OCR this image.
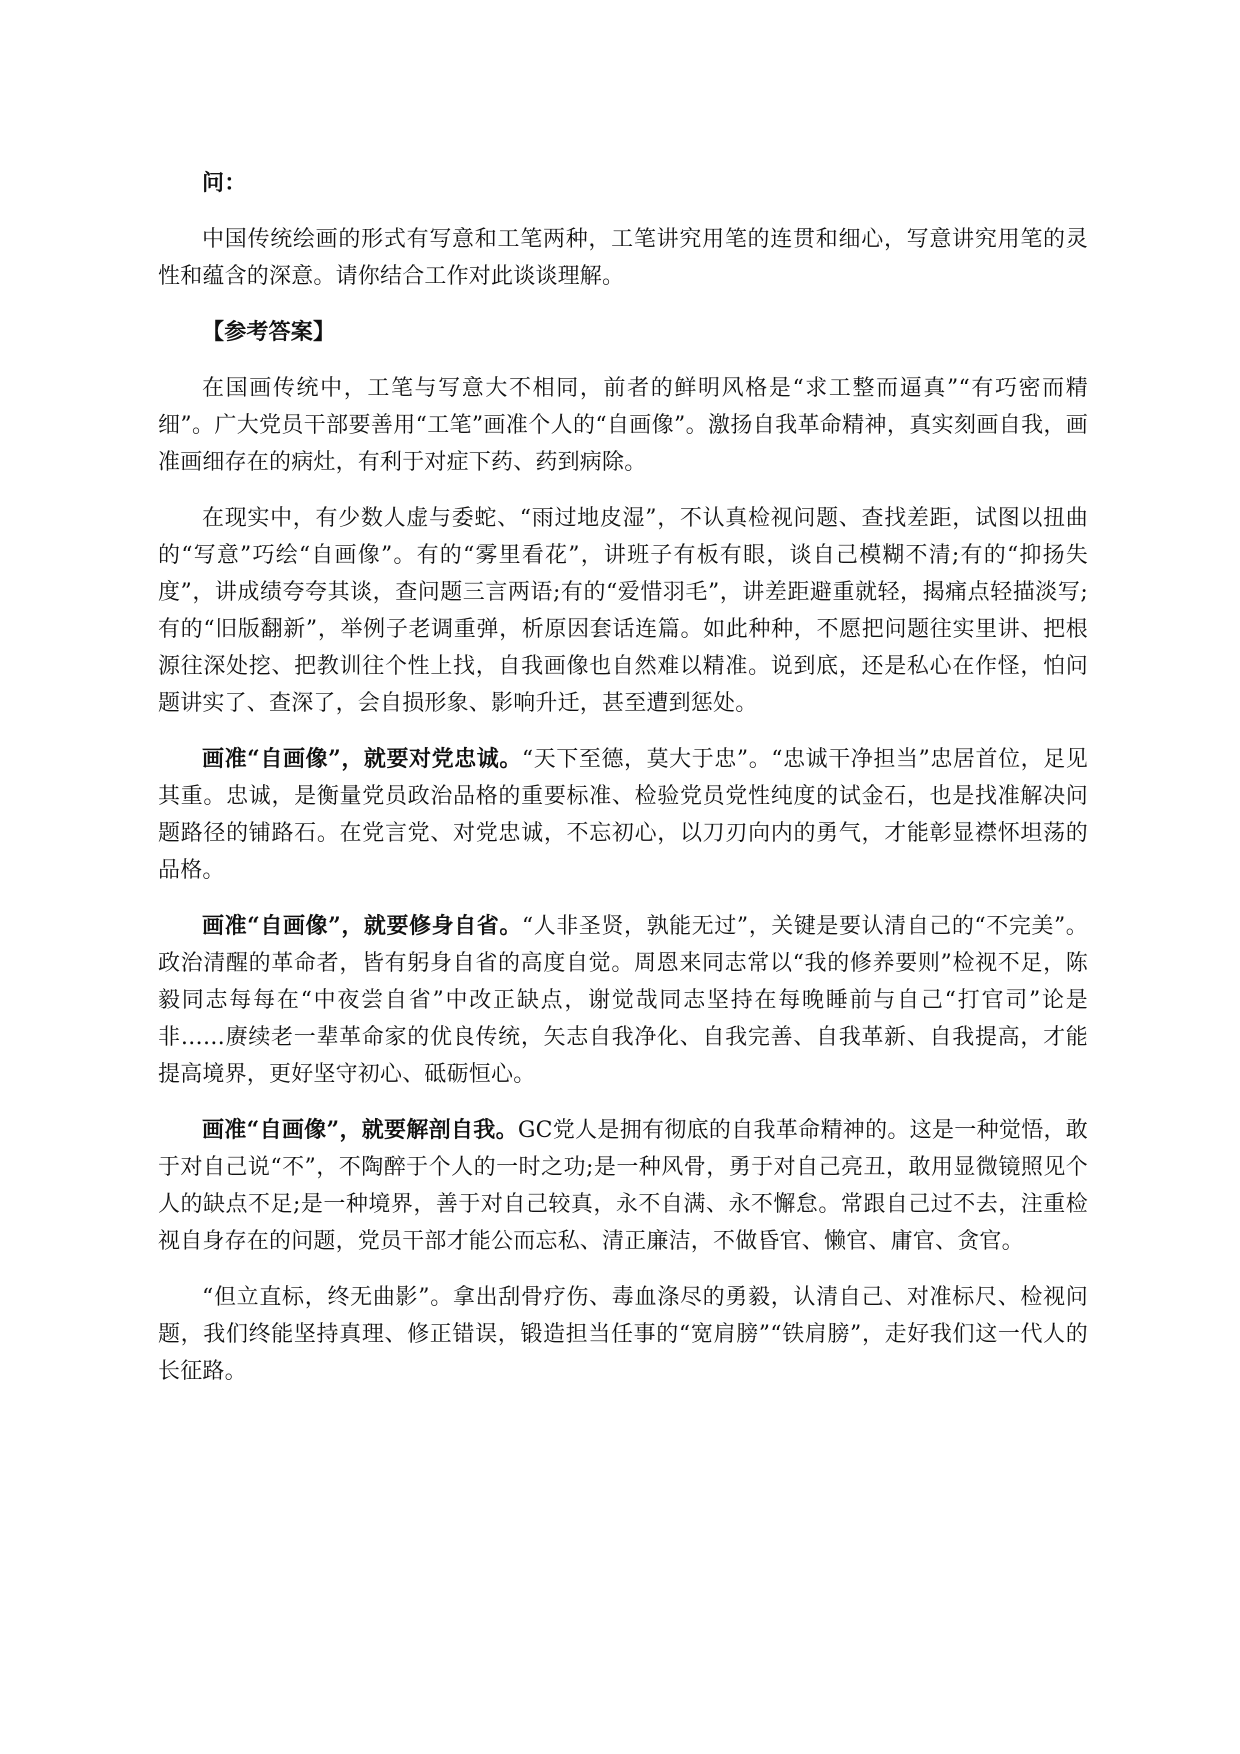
问：

中国传统绘画的形式有写意和工笔两种，工笔讲究用笔的连贯和细心，写意讲究用笔的灵性和蕴含的深意。请你结合工作对此谈谈理解。

【参考答案】

在国画传统中，工笔与写意大不相同，前者的鲜明风格是“求工整而逼真”“有巧密而精细”。广大党员干部要善用“工笔”画准个人的“自画像”。激扬自我革命精神，真实刻画自我，画准画细存在的病灶，有利于对症下药、药到病除。

在现实中，有少数人虚与委蛇、“雨过地皮湿”，不认真检视问题、查找差距，试图以扭曲的“写意”巧绘“自画像”。有的“雾里看花”，讲班子有板有眼，谈自己模糊不清;有的“抑扬失度”，讲成绩夸夸其谈，查问题三言两语;有的“爱惜羽毛”，讲差距避重就轻，揭痛点轻描淡写;有的“旧版翻新”，举例子老调重弹，析原因套话连篇。如此种种，不愿把问题往实里讲、把根源往深处挖、把教训往个性上找，自我画像也自然难以精准。说到底，还是私心在作怪，怕问题讲实了、查深了，会自损形象、影响升迁，甚至遭到惩处。

画准“自画像”，就要对党忠诚。“天下至德，莫大于忠”。“忠诚干净担当”忠居首位，足见其重。忠诚，是衡量党员政治品格的重要标准、检验党员党性纯度的试金石，也是找准解决问题路径的铺路石。在党言党、对党忠诚，不忘初心，以刀刃向内的勇气，才能彰显襟怀坦荡的品格。

画准“自画像”，就要修身自省。“人非圣贤，孰能无过”，关键是要认清自己的“不完美”。政治清醒的革命者，皆有躬身自省的高度自觉。周恩来同志常以“我的修养要则”检视不足，陈毅同志每每在“中夜尝自省”中改正缺点，谢觉哉同志坚持在每晚睡前与自己“打官司”论是非……赓续老一辈革命家的优良传统，矢志自我净化、自我完善、自我革新、自我提高，才能提高境界，更好坚守初心、砥砺恒心。

画准“自画像”，就要解剖自我。GC党人是拥有彻底的自我革命精神的。这是一种觉悟，敢于对自己说“不”，不陶醉于个人的一时之功;是一种风骨，勇于对自己亮丑，敢用显微镜照见个人的缺点不足;是一种境界，善于对自己较真，永不自满、永不懈怠。常跟自己过不去，注重检视自身存在的问题，党员干部才能公而忘私、清正廉洁，不做昏官、懒官、庸官、贪官。

“但立直标，终无曲影”。拿出刮骨疗伤、毒血涤尽的勇毅，认清自己、对准标尺、检视问题，我们终能坚持真理、修正错误，锻造担当任事的“宽肩膀”“铁肩膀”，走好我们这一代人的长征路。
